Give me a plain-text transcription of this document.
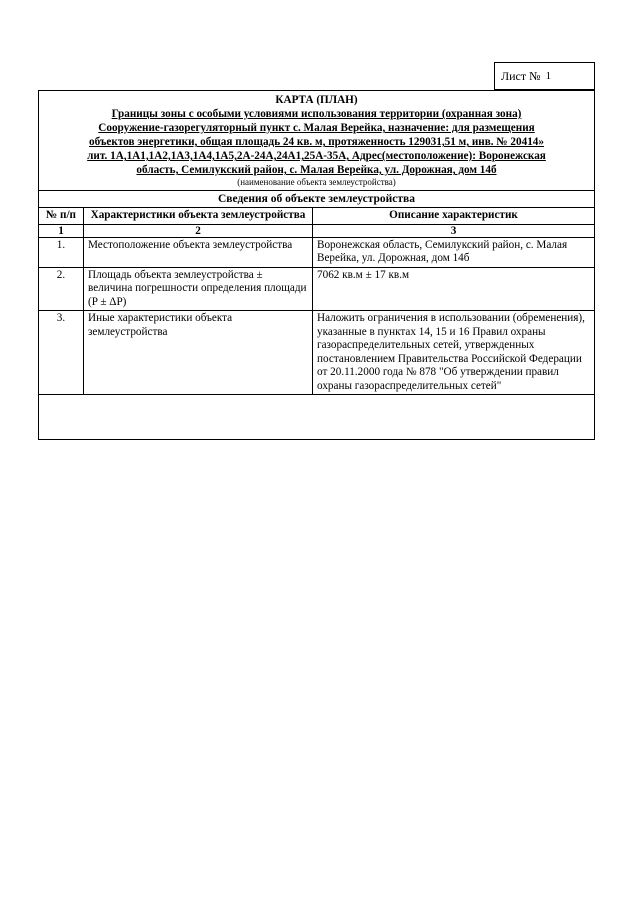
Лист № 1
КАРТА (ПЛАН)
Границы зоны с особыми условиями использования территории (охранная зона)
Сооружение-газорегуляторный пункт с. Малая Верейка, назначение: для размещения
объектов энергетики, общая площадь 24 кв. м, протяженность 129031,51 м, инв. № 20414»
лит. 1А,1А1,1А2,1А3,1А4,1А5,2А-24А,24А1,25А-35А, Адрес(местоположение): Воронежская
область, Семилукский район, с. Малая Верейка, ул. Дорожная, дом 14б
(наименование объекта землеустройства)
Сведения об объекте землеустройства
№ п/п	Характеристики объекта землеустройства	Описание характеристик
1	2	3
1.	Местоположение объекта землеустройства	Воронежская область, Семилукский район, с. Малая Верейка, ул. Дорожная, дом 14б
2.	Площадь объекта землеустройства ± величина погрешности определения площади (P ± ΔP)	7062 кв.м ± 17 кв.м
3.	Иные характеристики объекта землеустройства	Наложить ограничения в использовании (обременения), указанные в пунктах 14, 15 и 16 Правил охраны газораспределительных сетей, утвержденных постановлением Правительства Российской Федерации от 20.11.2000 года № 878 "Об утверждении правил охраны газораспределительных сетей"
